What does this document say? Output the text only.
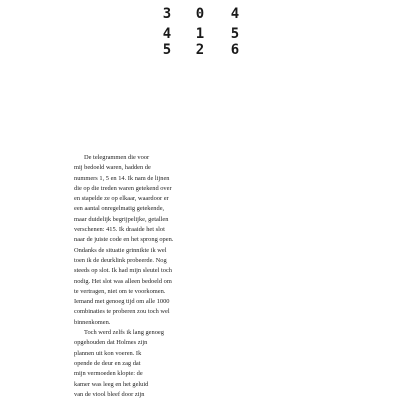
3 0 4
4 1 5
5 2 6

De telegrammen die voor
mij bedoeld waren, hadden de
nummers 1, 5 en 14. Ik nam de lijnen
die op die treden waren getekend over
en stapelde ze op elkaar, waardoor er
een aantal onregelmatig getekende,
maar duidelijk begrijpelijke, getallen
verschenen: 415. Ik draaide het slot
naar de juiste code en het sprong open.
Ondanks de situatie grinnikte ik wel
toen ik de deurklink probeerde. Nog
steeds op slot. Ik had mijn sleutel toch
nodig. Het slot was alleen bedoeld om
te vertragen, niet om te voorkomen.
Iemand met genoeg tijd om alle 1000
combinaties te proberen zou toch wel
binnenkomen.

Toch werd zelfs ik lang genoeg
opgehouden dat Holmes zijn
plannen uit kon voeren. Ik
opende de deur en zag dat
mijn vermoeden klopte: de
kamer was leeg en het geluid
van de viool bleef door zijn
